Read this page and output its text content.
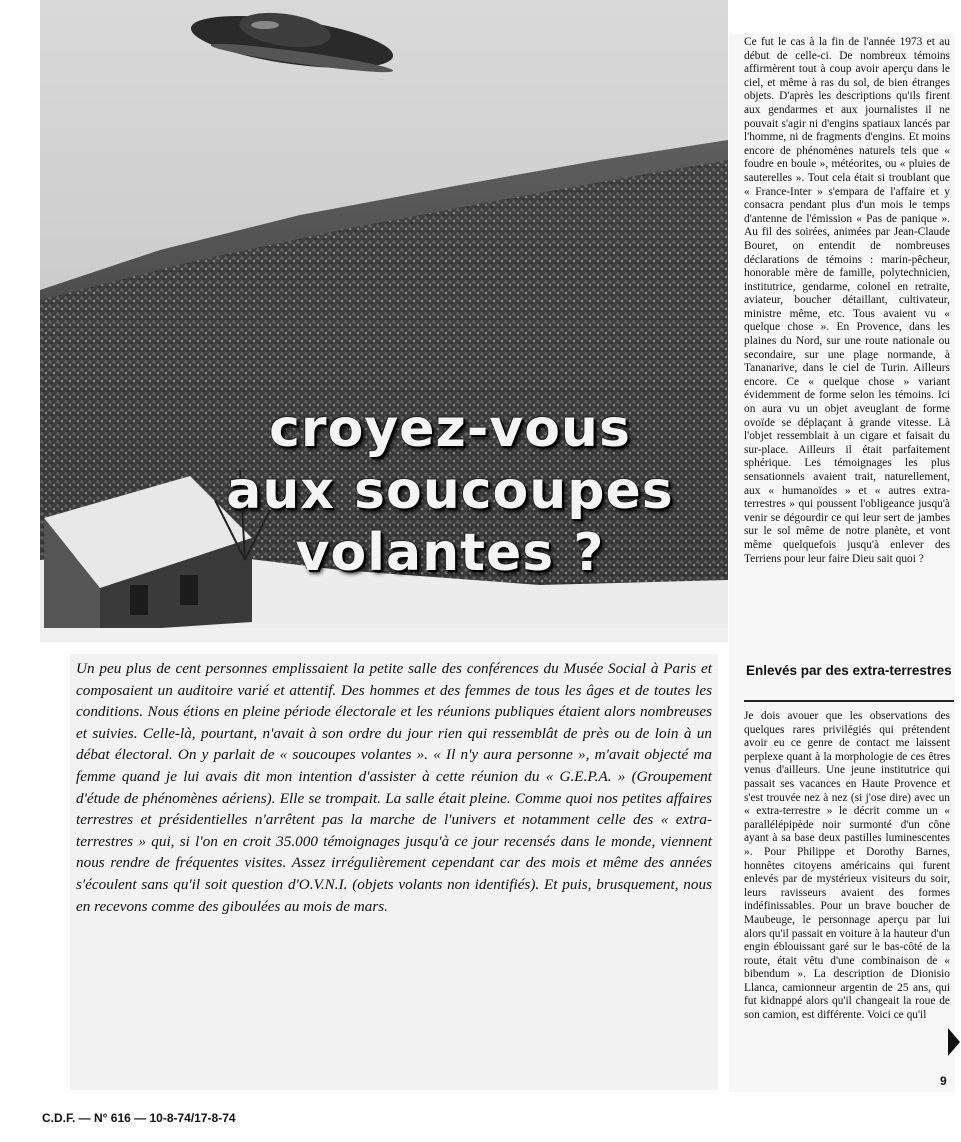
croyez-vous
aux soucoupes
volantes ?
Un peu plus de cent personnes emplissaient la petite salle des conférences du Musée Social à Paris et composaient un auditoire varié et attentif. Des hommes et des femmes de tous les âges et de toutes les conditions. Nous étions en pleine période électorale et les réunions publiques étaient alors nombreuses et suivies. Celle-là, pourtant, n'avait à son ordre du jour rien qui ressemblât de près ou de loin à un débat électoral. On y parlait de « soucoupes volantes ». « Il n'y aura personne », m'avait objecté ma femme quand je lui avais dit mon intention d'assister à cette réunion du « G.E.P.A. » (Groupement d'étude de phénomènes aériens). Elle se trompait. La salle était pleine. Comme quoi nos petites affaires terrestres et présidentielles n'arrêtent pas la marche de l'univers et notamment celle des « extra-terrestres » qui, si l'on en croit 35.000 témoignages jusqu'à ce jour recensés dans le monde, viennent nous rendre de fréquentes visites. Assez irrégulièrement cependant car des mois et même des années s'écoulent sans qu'il soit question d'O.V.N.I. (objets volants non identifiés). Et puis, brusquement, nous en recevons comme des giboulées au mois de mars.
C.D.F. — N° 616 — 10-8-74/17-8-74
Ce fut le cas à la fin de l'année 1973 et au début de celle-ci. De nombreux témoins affirmèrent tout à coup avoir aperçu dans le ciel, et même à ras du sol, de bien étranges objets. D'après les descriptions qu'ils firent aux gendarmes et aux journalistes il ne pouvait s'agir ni d'engins spatiaux lancés par l'homme, ni de fragments d'engins. Et moins encore de phénomènes naturels tels que « foudre en boule », météorites, ou « pluies de sauterelles ». Tout cela était si troublant que « France-Inter » s'empara de l'affaire et y consacra pendant plus d'un mois le temps d'antenne de l'émission « Pas de panique ». Au fil des soirées, animées par Jean-Claude Bouret, on entendit de nombreuses déclarations de témoins : marin-pêcheur, honorable mère de famille, polytechnicien, institutrice, gendarme, colonel en retraite, aviateur, boucher détaillant, cultivateur, ministre même, etc. Tous avaient vu « quelque chose ». En Provence, dans les plaines du Nord, sur une route nationale ou secondaire, sur une plage normande, à Tananarive, dans le ciel de Turin. Ailleurs encore. Ce « quelque chose » variant évidemment de forme selon les témoins. Ici on aura vu un objet aveuglant de forme ovoïde se déplaçant à grande vitesse. Là l'objet ressemblait à un cigare et faisait du sur-place. Ailleurs il était parfaitement sphérique. Les témoignages les plus sensationnels avaient trait, naturellement, aux « humanoïdes » et « autres extra-terrestres » qui poussent l'obligeance jusqu'à venir se dégourdir ce qui leur sert de jambes sur le sol même de notre planète, et vont même quelquefois jusqu'à enlever des Terriens pour leur faire Dieu sait quoi ?
Enlevés par des extra-terrestres
Je dois avouer que les observations des quelques rares privilégiés qui prétendent avoir eu ce genre de contact me laissent perplexe quant à la morphologie de ces êtres venus d'ailleurs. Une jeune institutrice qui passait ses vacances en Haute Provence et s'est trouvée nez à nez (si j'ose dire) avec un « extra-terrestre » le décrit comme un « parallélépipède noir surmonté d'un cône ayant à sa base deux pastilles luminescentes ». Pour Philippe et Dorothy Barnes, honnêtes citoyens américains qui furent enlevés par de mystérieux visiteurs du soir, leurs ravisseurs avaient des formes indéfinissables. Pour un brave boucher de Maubeuge, le personnage aperçu par lui alors qu'il passait en voiture à la hauteur d'un engin éblouissant garé sur le bas-côté de la route, était vêtu d'une combinaison de « bibendum ». La description de Dionisio Llanca, camionneur argentin de 25 ans, qui fut kidnappé alors qu'il changeait la roue de son camion, est différente. Voici ce qu'il
9
